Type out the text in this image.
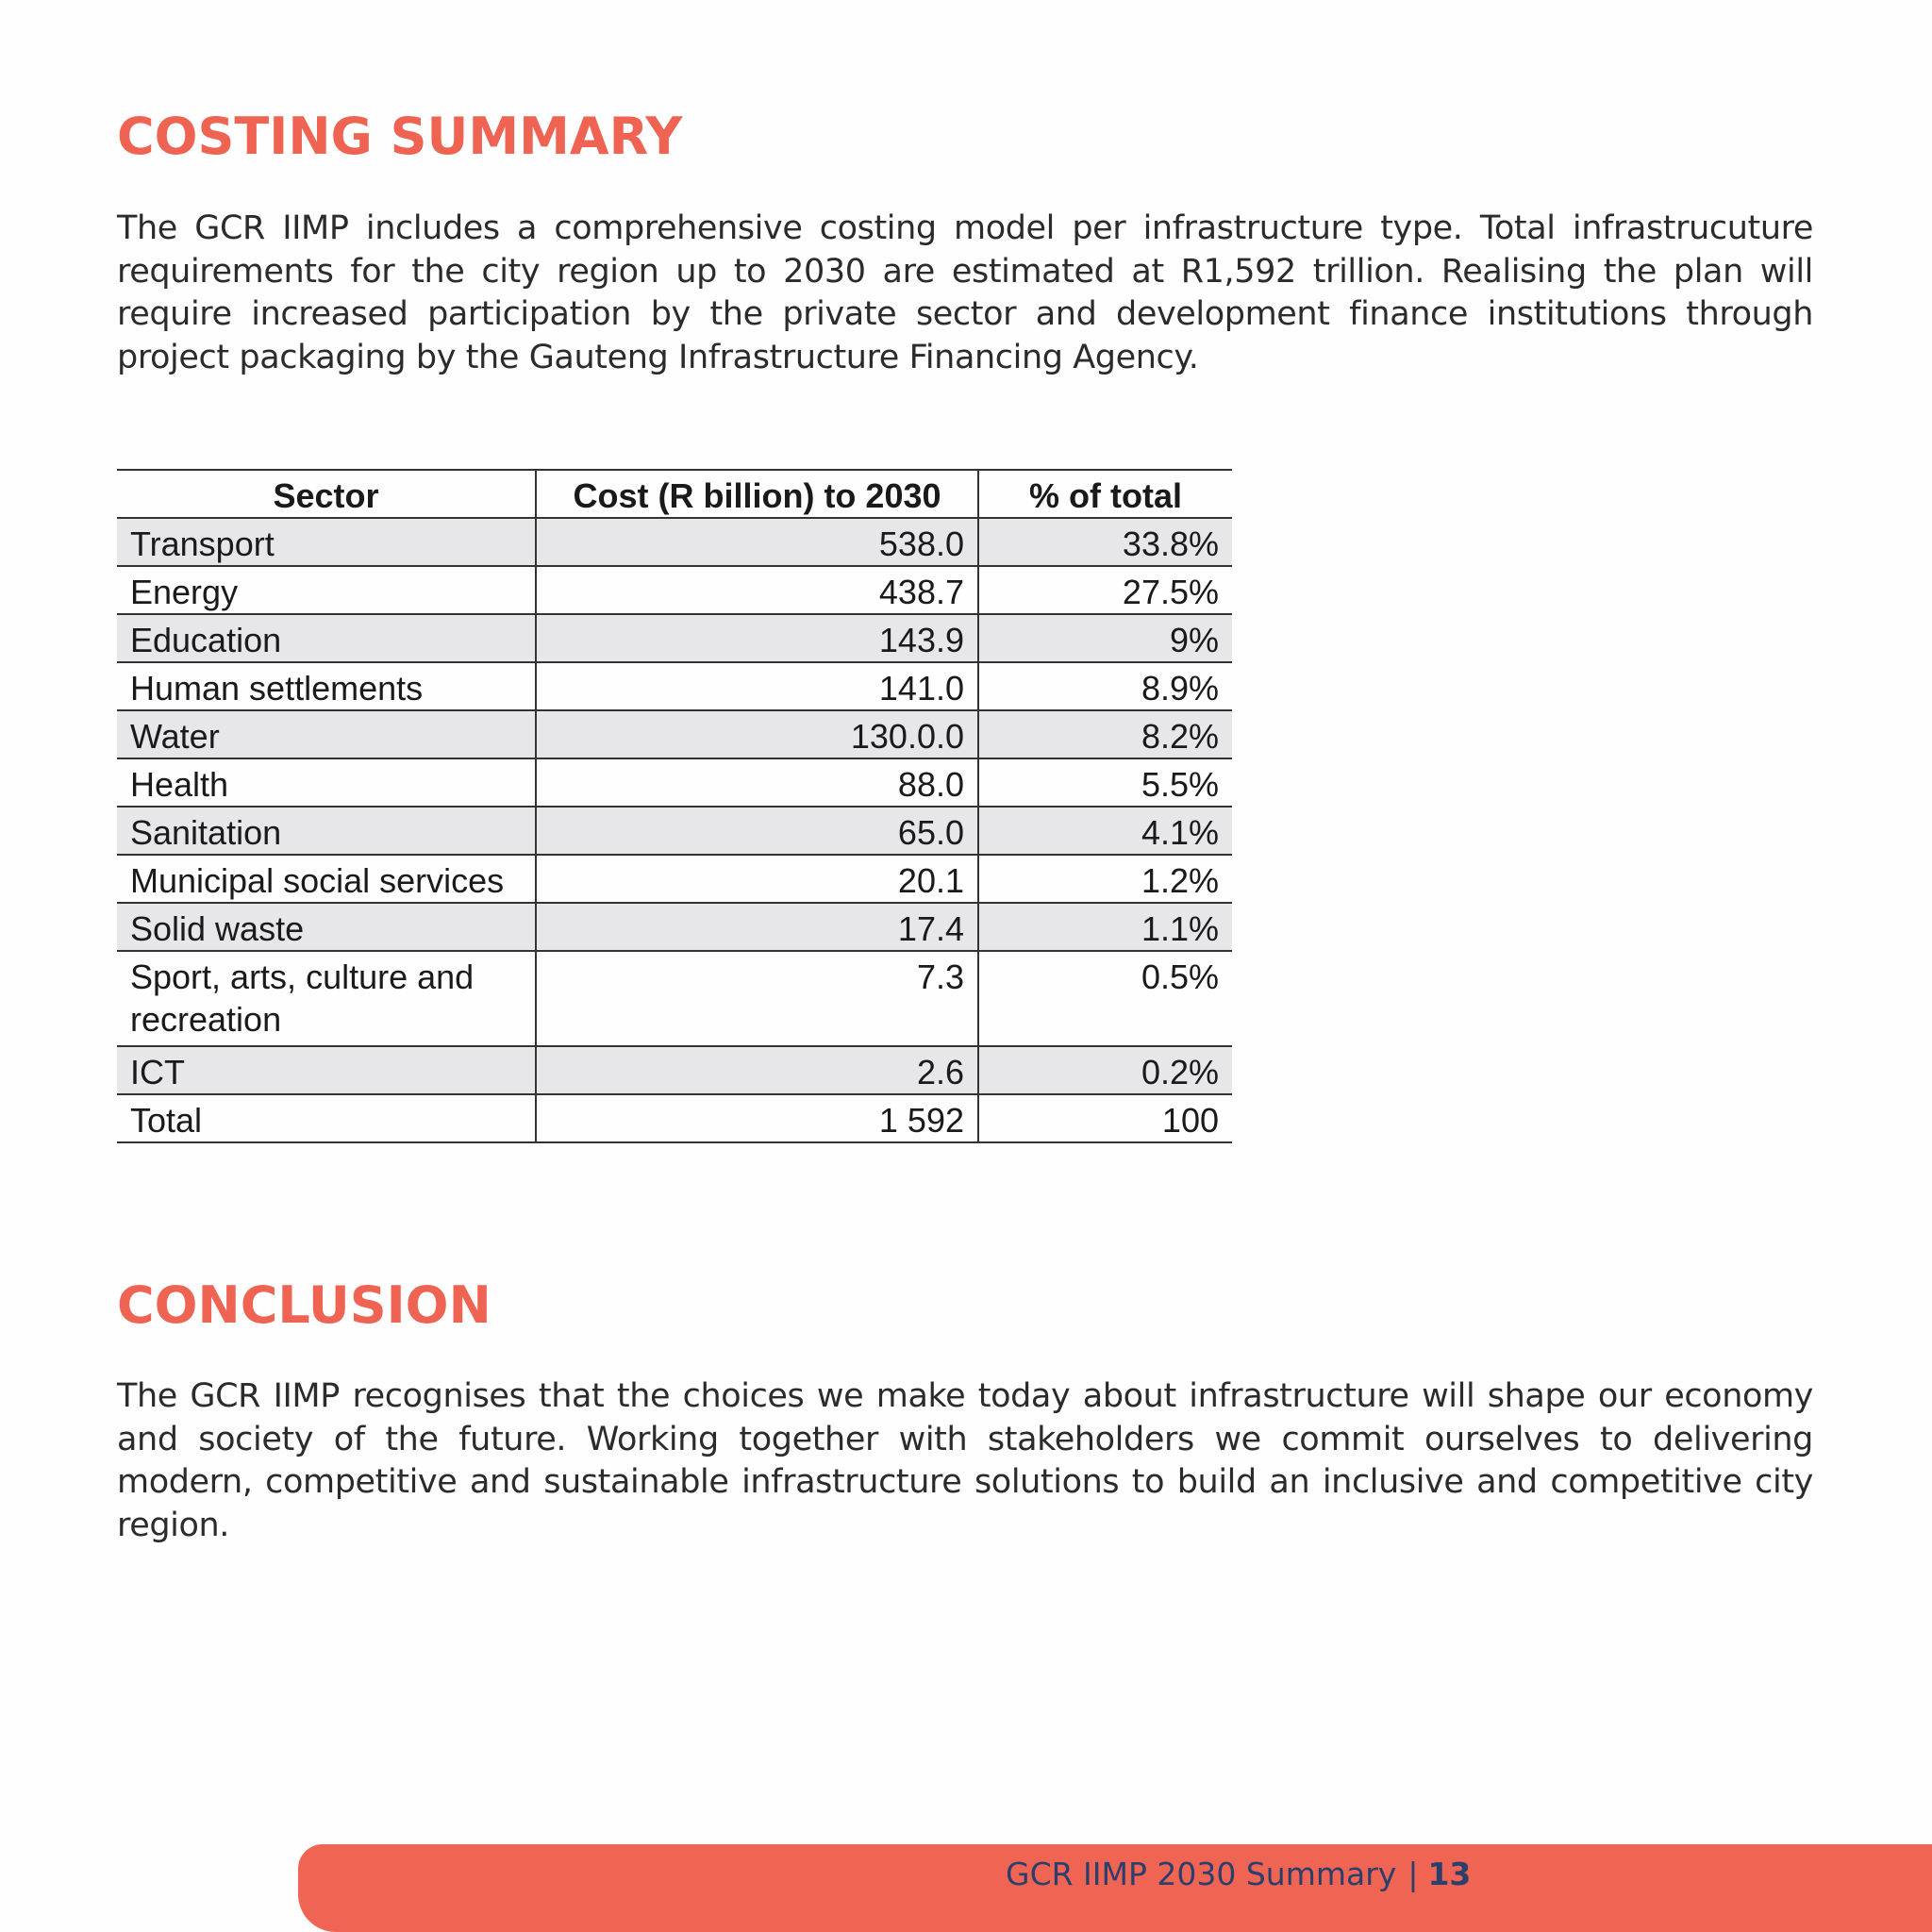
COSTING SUMMARY

The GCR IIMP includes a comprehensive costing model per infrastructure type. Total infrastrucuture requirements for the city region up to 2030 are estimated at R1,592 trillion. Realising the plan will require increased participation by the private sector and development finance institutions through project packaging by the Gauteng Infrastructure Financing Agency.

Sector	Cost (R billion) to 2030	% of total
Transport	538.0	33.8%
Energy	438.7	27.5%
Education	143.9	9%
Human settlements	141.0	8.9%
Water	130.0.0	8.2%
Health	88.0	5.5%
Sanitation	65.0	4.1%
Municipal social services	20.1	1.2%
Solid waste	17.4	1.1%
Sport, arts, culture and recreation	7.3	0.5%
ICT	2.6	0.2%
Total	1 592	100
CONCLUSION

The GCR IIMP recognises that the choices we make today about infrastructure will shape our economy and society of the future. Working together with stakeholders we commit ourselves to delivering modern, competitive and sustainable infrastructure solutions to build an inclusive and competitive city region.

GCR IIMP 2030 Summary | 13
